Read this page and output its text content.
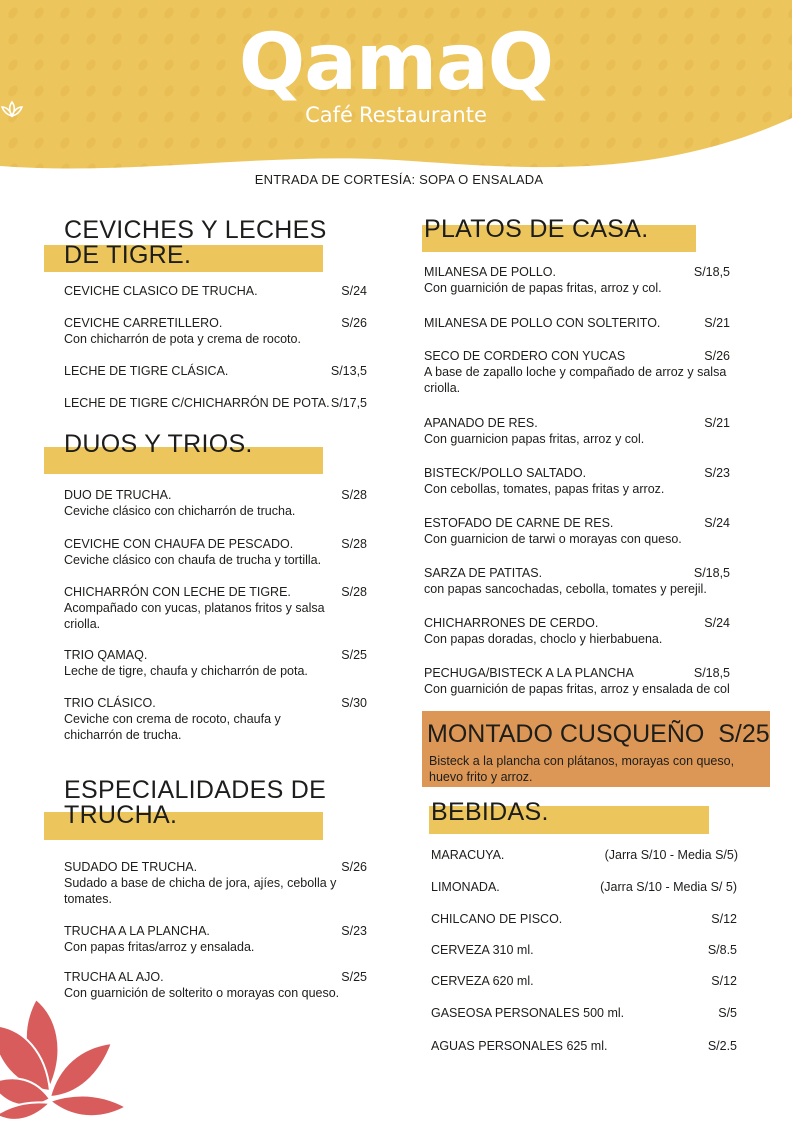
QamaQ
Café Restaurante
ENTRADA DE CORTESÍA: SOPA O ENSALADA
CEVICHES Y LECHES
DE TIGRE.
CEVICHE CLASICO DE TRUCHA.	S/24
CEVICHE CARRETILLERO.	S/26
Con chicharrón de pota y crema de rocoto.
LECHE DE TIGRE CLÁSICA.	S/13,5
LECHE DE TIGRE C/CHICHARRÓN DE POTA. S/17,5
DUOS Y TRIOS.
DUO DE TRUCHA.	S/28
Ceviche clásico con chicharrón de trucha.
CEVICHE CON CHAUFA DE PESCADO.	S/28
Ceviche clásico con chaufa de trucha y tortilla.
CHICHARRÓN CON LECHE DE TIGRE.	S/28
Acompañado con yucas, platanos fritos y salsa criolla.
TRIO QAMAQ.	S/25
Leche de tigre, chaufa y chicharrón de pota.
TRIO CLÁSICO.	S/30
Ceviche con crema de rocoto, chaufa y chicharrón de trucha.
ESPECIALIDADES DE
TRUCHA.
SUDADO DE TRUCHA.	S/26
Sudado a base de chicha de jora, ajíes, cebolla y tomates.
TRUCHA A LA PLANCHA.	S/23
Con papas fritas/arroz y ensalada.
TRUCHA AL AJO.	S/25
Con guarnición de solterito o morayas con queso.
PLATOS DE CASA.
MILANESA DE POLLO.	S/18,5
Con guarnición de papas fritas, arroz y col.
MILANESA DE POLLO CON SOLTERITO.	S/21
SECO DE CORDERO CON YUCAS	S/26
A base de zapallo loche y compañado de arroz y salsa criolla.
APANADO DE RES.	S/21
Con guarnicion papas fritas, arroz y col.
BISTECK/POLLO SALTADO.	S/23
Con cebollas, tomates, papas fritas y arroz.
ESTOFADO DE CARNE DE RES.	S/24
Con guarnicion de tarwi o morayas con queso.
SARZA DE PATITAS.	S/18,5
con papas sancochadas, cebolla, tomates y perejil.
CHICHARRONES DE CERDO.	S/24
Con papas doradas, choclo y hierbabuena.
PECHUGA/BISTECK A LA PLANCHA	S/18,5
Con guarnición de papas fritas, arroz y ensalada de col
MONTADO CUSQUEÑO S/25
Bisteck a la plancha con plátanos, morayas con queso, huevo frito y arroz.
BEBIDAS.
MARACUYA.	(Jarra S/10 - Media S/5)
LIMONADA.	(Jarra S/10 - Media S/ 5)
CHILCANO DE PISCO.	S/12
CERVEZA 310 ml.	S/8.5
CERVEZA 620 ml.	S/12
GASEOSA PERSONALES 500 ml.	S/5
AGUAS PERSONALES 625 ml.	S/2.5
